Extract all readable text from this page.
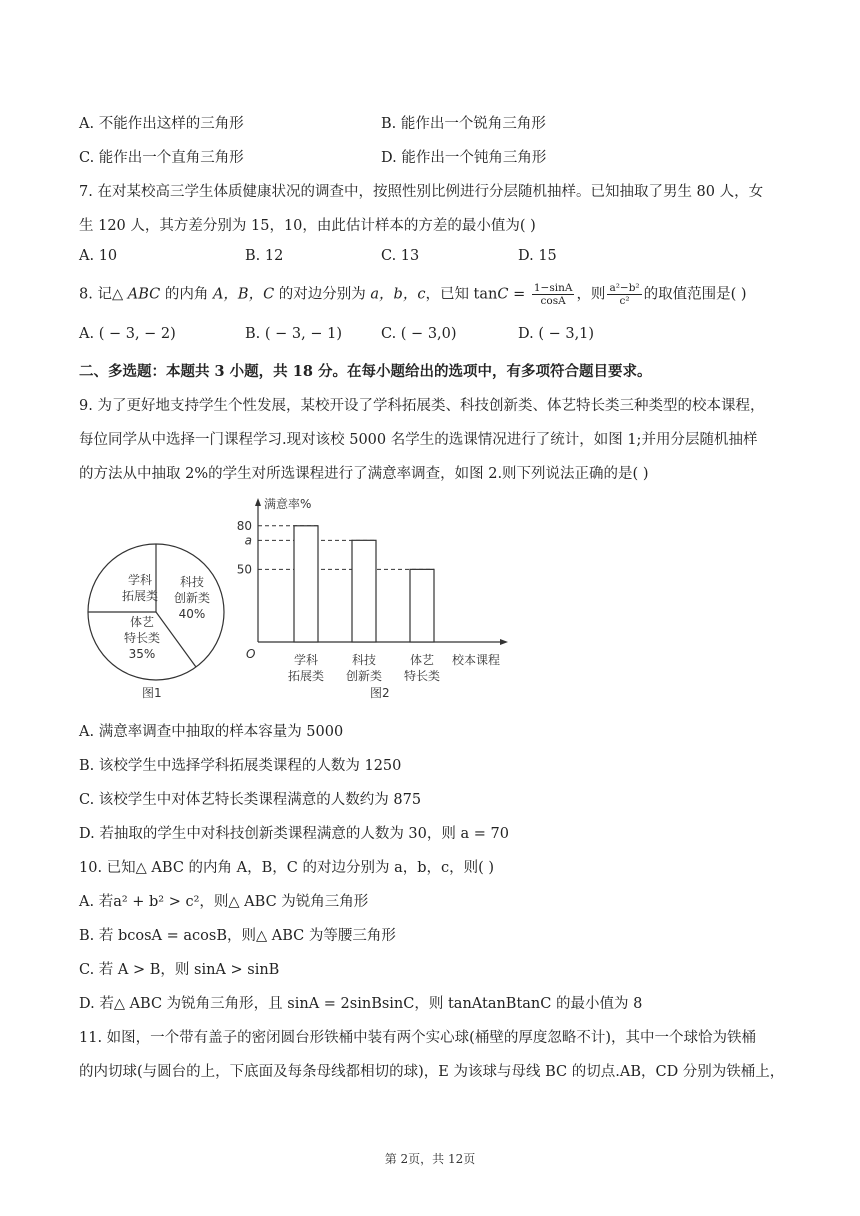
A. 不能作出这样的三角形	B. 能作出一个锐角三角形
C. 能作出一个直角三角形	D. 能作出一个钝角三角形
7. 在对某校高三学生体质健康状况的调查中，按照性别比例进行分层随机抽样。已知抽取了男生 80 人，女
生 120 人，其方差分别为 15，10，由此估计样本的方差的最小值为( )
A. 10	B. 12	C. 13	D. 15
8. 记△ ABC 的内角 A，B，C 的对边分别为 a，b，c，已知 $\tan C = \frac{1-\sin A}{\cos A}$ ，则 $\frac{\text{a²−b²}}{\text{c²}}$ 的取值范围是( )
A. ( − 3, − 2)	B. ( − 3, − 1)	C. ( − 3,0)	D. ( − 3,1)
二、多选题：本题共 3 小题，共 18 分。在每小题给出的选项中，有多项符合题目要求。
9. 为了更好地支持学生个性发展，某校开设了学科拓展类、科技创新类、体艺特长类三种类型的校本课程，
每位同学从中选择一门课程学习.现对该校 5000 名学生的选课情况进行了统计，如图 1;并用分层随机抽样
的方法从中抽取 2%的学生对所选课程进行了满意率调查，如图 2.则下列说法正确的是( )
学科
拓展类
科技
创新类
40%
体艺
特长类
35%
图1
满意率%
O	校本课程
80
a
50
学科
拓展类
科技
创新类
体艺
特长类
图2
A. 满意率调查中抽取的样本容量为 5000
B. 该校学生中选择学科拓展类课程的人数为 1250
C. 该校学生中对体艺特长类课程满意的人数约为 875
D. 若抽取的学生中对科技创新类课程满意的人数为 30，则 a = 70
10. 已知△ ABC 的内角 A，B，C 的对边分别为 a，b，c，则( )
A. 若a² + b² > c²，则△ ABC 为锐角三角形
B. 若 bcosA = acosB，则△ ABC 为等腰三角形
C. 若 A > B，则 sinA > sinB
D. 若△ ABC 为锐角三角形，且 sinA = 2sinBsinC，则 tanAtanBtanC 的最小值为 8
11. 如图，一个带有盖子的密闭圆台形铁桶中装有两个实心球(桶壁的厚度忽略不计)，其中一个球恰为铁桶
的内切球(与圆台的上，下底面及每条母线都相切的球)，E 为该球与母线 BC 的切点.AB，CD 分别为铁桶上，
第 2页，共 12页
